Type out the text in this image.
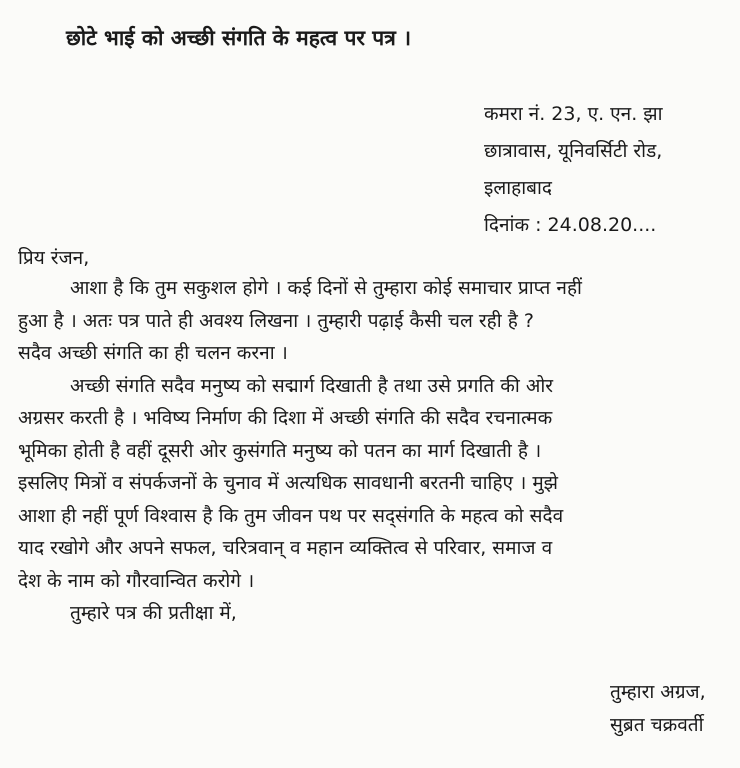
छोटे भाई को अच्छी संगति के महत्व पर पत्र ।
कमरा नं. 23, ए. एन. झा
छात्रावास, यूनिवर्सिटी रोड,
इलाहाबाद
दिनांक : 24.08.20....
प्रिय रंजन,
आशा है कि तुम सकुशल होगे । कई दिनों से तुम्हारा कोई समाचार प्राप्त नहीं
हुआ है । अतः पत्र पाते ही अवश्य लिखना । तुम्हारी पढ़ाई कैसी चल रही है ?
सदैव अच्छी संगति का ही चलन करना ।
अच्छी संगति सदैव मनुष्य को सद्मार्ग दिखाती है तथा उसे प्रगति की ओर
अग्रसर करती है । भविष्य निर्माण की दिशा में अच्छी संगति की सदैव रचनात्मक
भूमिका होती है वहीं दूसरी ओर कुसंगति मनुष्य को पतन का मार्ग दिखाती है ।
इसलिए मित्रों व संपर्कजनों के चुनाव में अत्यधिक सावधानी बरतनी चाहिए । मुझे
आशा ही नहीं पूर्ण विश्वास है कि तुम जीवन पथ पर सद्संगति के महत्व को सदैव
याद रखोगे और अपने सफल, चरित्रवान् व महान व्यक्तित्व से परिवार, समाज व
देश के नाम को गौरवान्वित करोगे ।
तुम्हारे पत्र की प्रतीक्षा में,
तुम्हारा अग्रज,
सुब्रत चक्रवर्ती
